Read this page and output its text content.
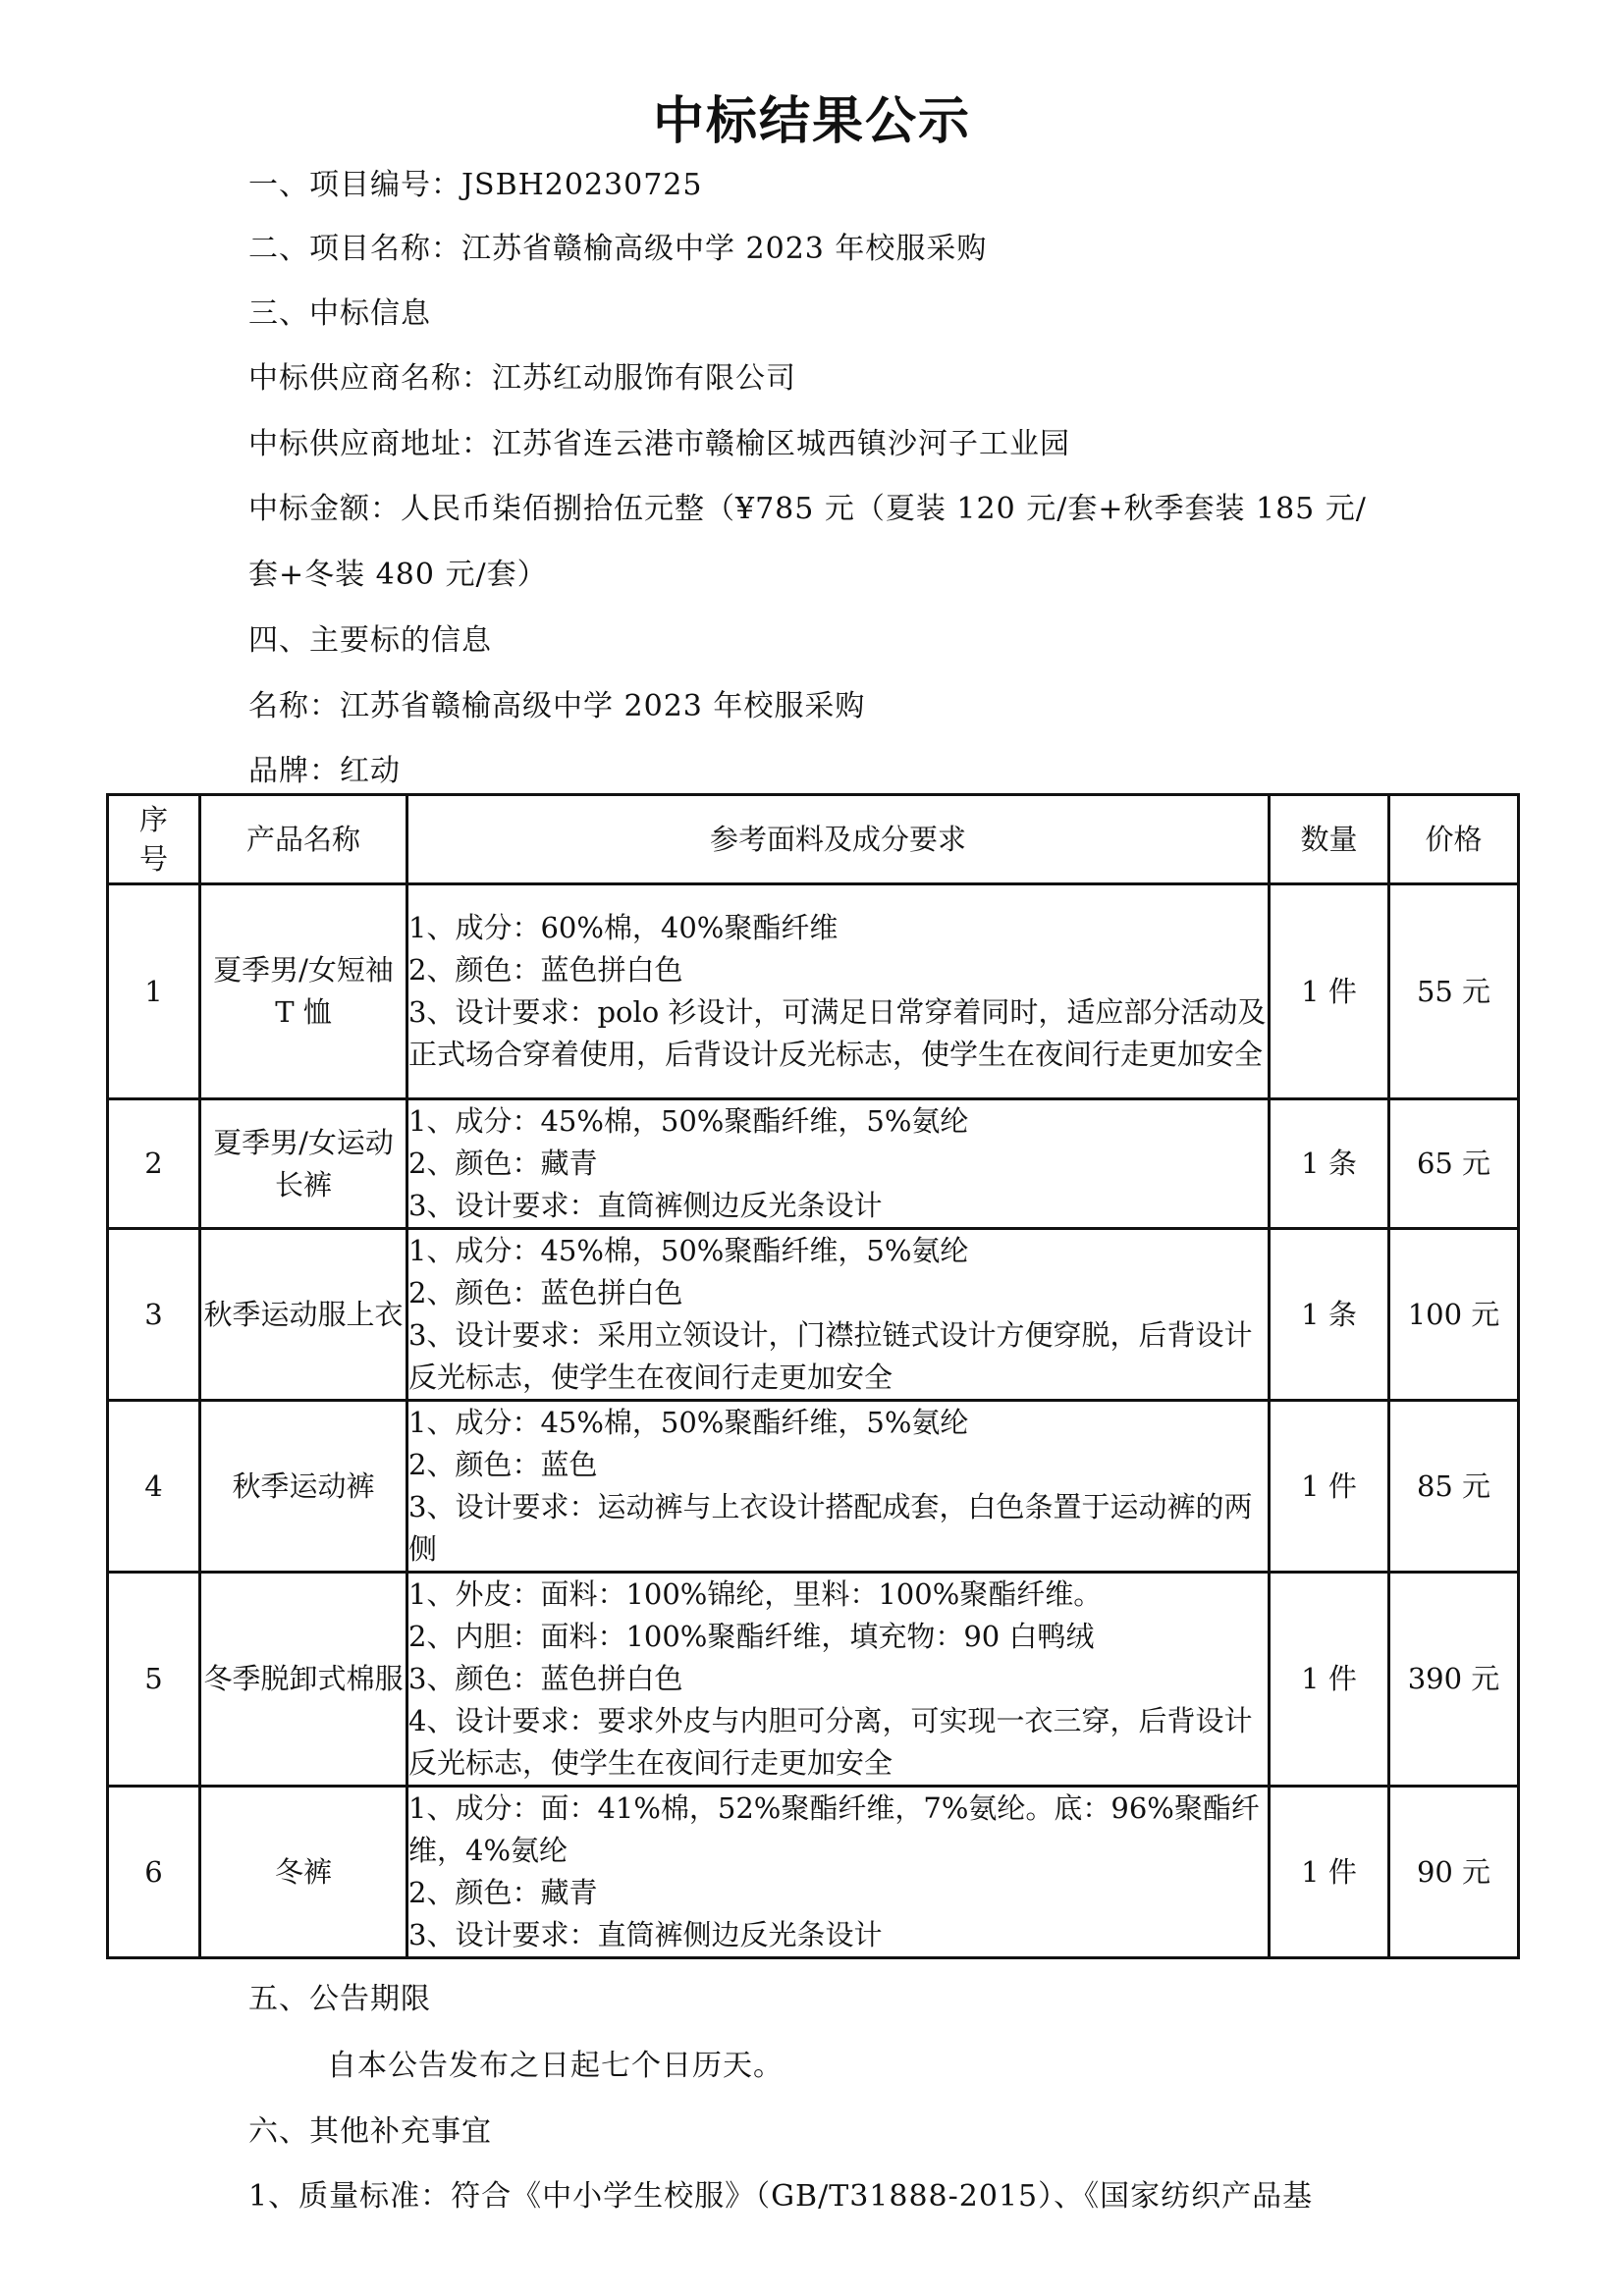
中标结果公示
一、项目编号：JSBH20230725
二、项目名称：江苏省赣榆高级中学 2023 年校服采购
三、中标信息
中标供应商名称：江苏红动服饰有限公司
中标供应商地址：江苏省连云港市赣榆区城西镇沙河子工业园
中标金额：人民币柒佰捌拾伍元整（¥785 元（夏装 120 元/套+秋季套装 185 元/
套+冬装 480 元/套）
四、主要标的信息
名称：江苏省赣榆高级中学 2023 年校服采购
品牌：红动
序
号	产品名称	参考面料及成分要求	数量	价格
1	夏季男/女短袖 T 恤	1、成分：60%棉，40%聚酯纤维
2、颜色：蓝色拼白色
3、设计要求：polo 衫设计，可满足日常穿着同时，适应部分活动及正式场合穿着使用，后背设计反光标志，使学生在夜间行走更加安全	1 件	55 元
2	夏季男/女运动长裤	1、成分：45%棉，50%聚酯纤维，5%氨纶
2、颜色：藏青
3、设计要求：直筒裤侧边反光条设计	1 条	65 元
3	秋季运动服上衣	1、成分：45%棉，50%聚酯纤维，5%氨纶
2、颜色：蓝色拼白色
3、设计要求：采用立领设计，门襟拉链式设计方便穿脱，后背设计反光标志，使学生在夜间行走更加安全	1 条	100 元
4	秋季运动裤	1、成分：45%棉，50%聚酯纤维，5%氨纶
2、颜色：蓝色
3、设计要求：运动裤与上衣设计搭配成套，白色条置于运动裤的两侧	1 件	85 元
5	冬季脱卸式棉服	1、外皮：面料：100%锦纶，里料：100%聚酯纤维。
2、内胆：面料：100%聚酯纤维，填充物：90 白鸭绒
3、颜色：蓝色拼白色
4、设计要求：要求外皮与内胆可分离，可实现一衣三穿，后背设计反光标志，使学生在夜间行走更加安全	1 件	390 元
6	冬裤	1、成分：面：41%棉，52%聚酯纤维，7%氨纶。底：96%聚酯纤维，4%氨纶
2、颜色：藏青
3、设计要求：直筒裤侧边反光条设计	1 件	90 元
五、公告期限
自本公告发布之日起七个日历天。
六、其他补充事宜
1、质量标准：符合《中小学生校服》（GB/T31888-2015）、《国家纺织产品基
